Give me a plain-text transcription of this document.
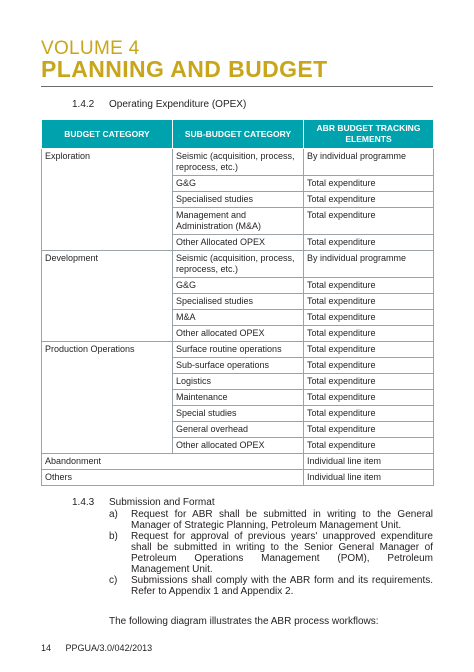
VOLUME 4
PLANNING AND BUDGET
1.4.2 Operating Expenditure (OPEX)
BUDGET CATEGORY	SUB-BUDGET CATEGORY	ABR BUDGET TRACKING ELEMENTS
Exploration	Seismic (acquisition, process, reprocess, etc.)	By individual programme
	G&G	Total expenditure
	Specialised studies	Total expenditure
	Management and Administration (M&A)	Total expenditure
	Other Allocated OPEX	Total expenditure
Development	Seismic (acquisition, process, reprocess, etc.)	By individual programme
	G&G	Total expenditure
	Specialised studies	Total expenditure
	M&A	Total expenditure
	Other allocated OPEX	Total expenditure
Production Operations	Surface routine operations	Total expenditure
	Sub-surface operations	Total expenditure
	Logistics	Total expenditure
	Maintenance	Total expenditure
	Special studies	Total expenditure
	General overhead	Total expenditure
	Other allocated OPEX	Total expenditure
Abandonment		Individual line item
Others		Individual line item
1.4.3 Submission and Format
a)	Request for ABR shall be submitted in writing to the General Manager of Strategic Planning, Petroleum Management Unit.
b)	Request for approval of previous years' unapproved expenditure shall be submitted in writing to the Senior General Manager of Petroleum Operations Management (POM), Petroleum Management Unit.
c)	Submissions shall comply with the ABR form and its requirements. Refer to Appendix 1 and Appendix 2.
The following diagram illustrates the ABR process workflows:
14 PPGUA/3.0/042/2013
